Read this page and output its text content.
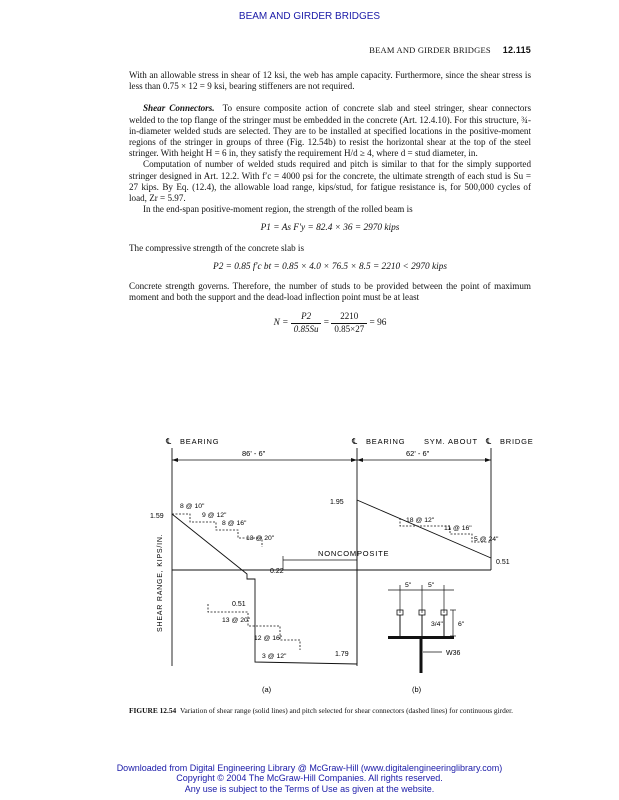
BEAM AND GIRDER BRIDGES
BEAM AND GIRDER BRIDGES 12.115

With an allowable stress in shear of 12 ksi, the web has ample capacity. Furthermore, since the shear stress is less than 0.75 × 12 = 9 ksi, bearing stiffeners are not required.

Shear Connectors. To ensure composite action of concrete slab and steel stringer, shear connectors welded to the top flange of the stringer must be embedded in the concrete (Art. 12.4.10). For this structure, ¾-in-diameter welded studs are selected. They are to be installed at specified locations in the positive-moment regions of the stringer in groups of three (Fig. 12.54b) to resist the horizontal shear at the top of the steel stringer. With height H = 6 in, they satisfy the requirement H/d ≥ 4, where d = stud diameter, in.

Computation of number of welded studs required and pitch is similar to that for the simply supported stringer designed in Art. 12.2. With f′c = 4000 psi for the concrete, the ultimate strength of each stud is Su = 27 kips. By Eq. (12.4), the allowable load range, kips/stud, for fatigue resistance is, for 500,000 cycles of load, Zr = 5.97.

In the end-span positive-moment region, the strength of the rolled beam is

P1 = As F′y = 82.4 × 36 = 2970 kips

The compressive strength of the concrete slab is

P2 = 0.85 f′c bt = 0.85 × 4.0 × 76.5 × 8.5 = 2210 < 2970 kips

Concrete strength governs. Therefore, the number of studs to be provided between the point of maximum moment and both the support and the dead-load inflection point must be at least

$N = \frac{P2}{0.85Su} = \frac{2210}{0.85\times 27} = 96$
℄ BEARING	℄ BEARING SYM. ABOUT ℄ BRIDGE
86' - 6"	62' - 6"
SHEAR RANGE, KIPS/IN.
1.59
0.22
0.51
1.95
1.79
0.51
8 @ 10"
9 @ 12"
8 @ 16"
13 @ 20"
13 @ 20"
12 @ 16"
3 @ 12"
18 @ 12"
11 @ 16"
5 @ 24"
NONCOMPOSITE
5" 5"
3/4" 6"
W36
(a)	(b)
FIGURE 12.54 Variation of shear range (solid lines) and pitch selected for shear connectors (dashed lines) for continuous girder.
Downloaded from Digital Engineering Library @ McGraw-Hill (www.digitalengineeringlibrary.com)
Copyright © 2004 The McGraw-Hill Companies. All rights reserved.
Any use is subject to the Terms of Use as given at the website.
